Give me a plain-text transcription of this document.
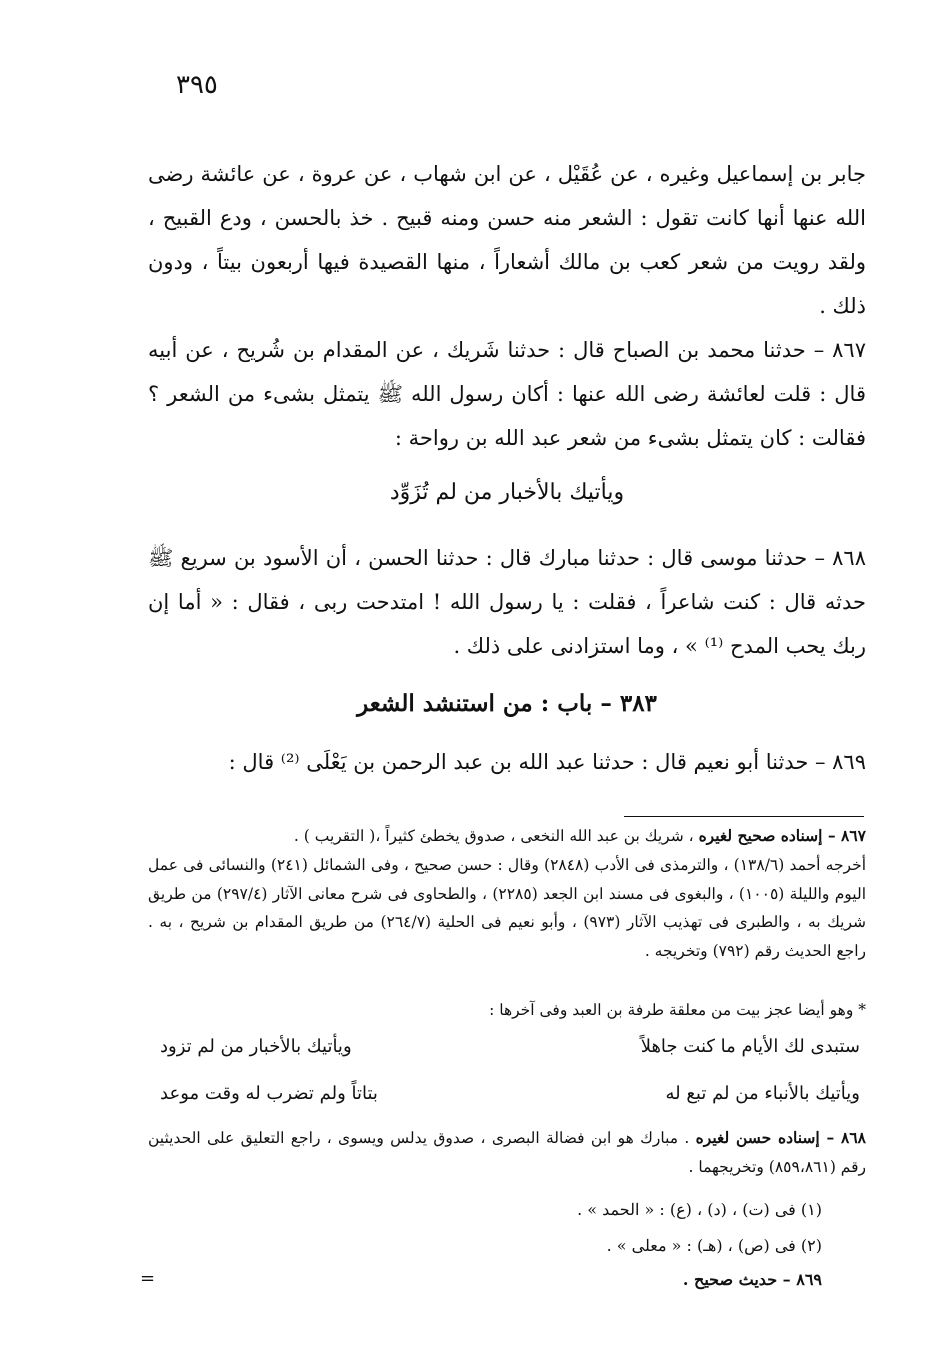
٣٩٥
جابر بن إسماعيل وغيره ، عن عُقَيْل ، عن ابن شهاب ، عن عروة ، عن عائشة رضى الله عنها أنها كانت تقول : الشعر منه حسن ومنه قبيح . خذ بالحسن ، ودع القبيح ، ولقد رويت من شعر كعب بن مالك أشعاراً ، منها القصيدة فيها أربعون بيتاً ، ودون ذلك .
٨٦٧ – حدثنا محمد بن الصباح قال : حدثنا شَريك ، عن المقدام بن شُريح ، عن أبيه قال : قلت لعائشة رضى الله عنها : أكان رسول الله ﷺ يتمثل بشىء من الشعر ؟ فقالت : كان يتمثل بشىء من شعر عبد الله بن رواحة :
ويأتيك بالأخبار من لم تُزَوِّد
٨٦٨ – حدثنا موسى قال : حدثنا مبارك قال : حدثنا الحسن ، أن الأسود بن سريع ﷺ حدثه قال : كنت شاعراً ، فقلت : يا رسول الله ! امتدحت ربى ، فقال : « أما إن ربك يحب المدح ⁽¹⁾ » ، وما استزادنى على ذلك .
٣٨٣ – باب : من استنشد الشعر
٨٦٩ – حدثنا أبو نعيم قال : حدثنا عبد الله بن عبد الرحمن بن يَعْلَى ⁽²⁾ قال :
٨٦٧ – إسناده صحيح لغيره ، شريك بن عبد الله النخعى ، صدوق يخطئ كثيراً ،( التقريب ) .
أخرجه أحمد (١٣٨/٦) ، والترمذى فى الأدب (٢٨٤٨) وقال : حسن صحيح ، وفى الشمائل (٢٤١) والنسائى فى عمل اليوم والليلة (١٠٠٥) ، والبغوى فى مسند ابن الجعد (٢٢٨٥) ، والطحاوى فى شرح معانى الآثار (٢٩٧/٤) من طريق شريك به ، والطبرى فى تهذيب الآثار (٩٧٣) ، وأبو نعيم فى الحلية (٢٦٤/٧) من طريق المقدام بن شريح ، به . راجع الحديث رقم (٧٩٢) وتخريجه .
* وهو أيضا عجز بيت من معلقة طرفة بن العبد وفى آخرها :
ستبدى لك الأيام ما كنت جاهلاً
ويأتيك بالأخبار من لم تزود
ويأتيك بالأنباء من لم تبع له
بتاتاً ولم تضرب له وقت موعد
٨٦٨ – إسناده حسن لغيره . مبارك هو ابن فضالة البصرى ، صدوق يدلس ويسوى ، راجع التعليق على الحديثين رقم (٨٥٩،٨٦١) وتخريجهما .
(١) فى (ت) ، (د) ، (ع) : « الحمد » .
(٢) فى (ص) ، (هـ) : « معلى » .
٨٦٩ – حديث صحيح .
=
